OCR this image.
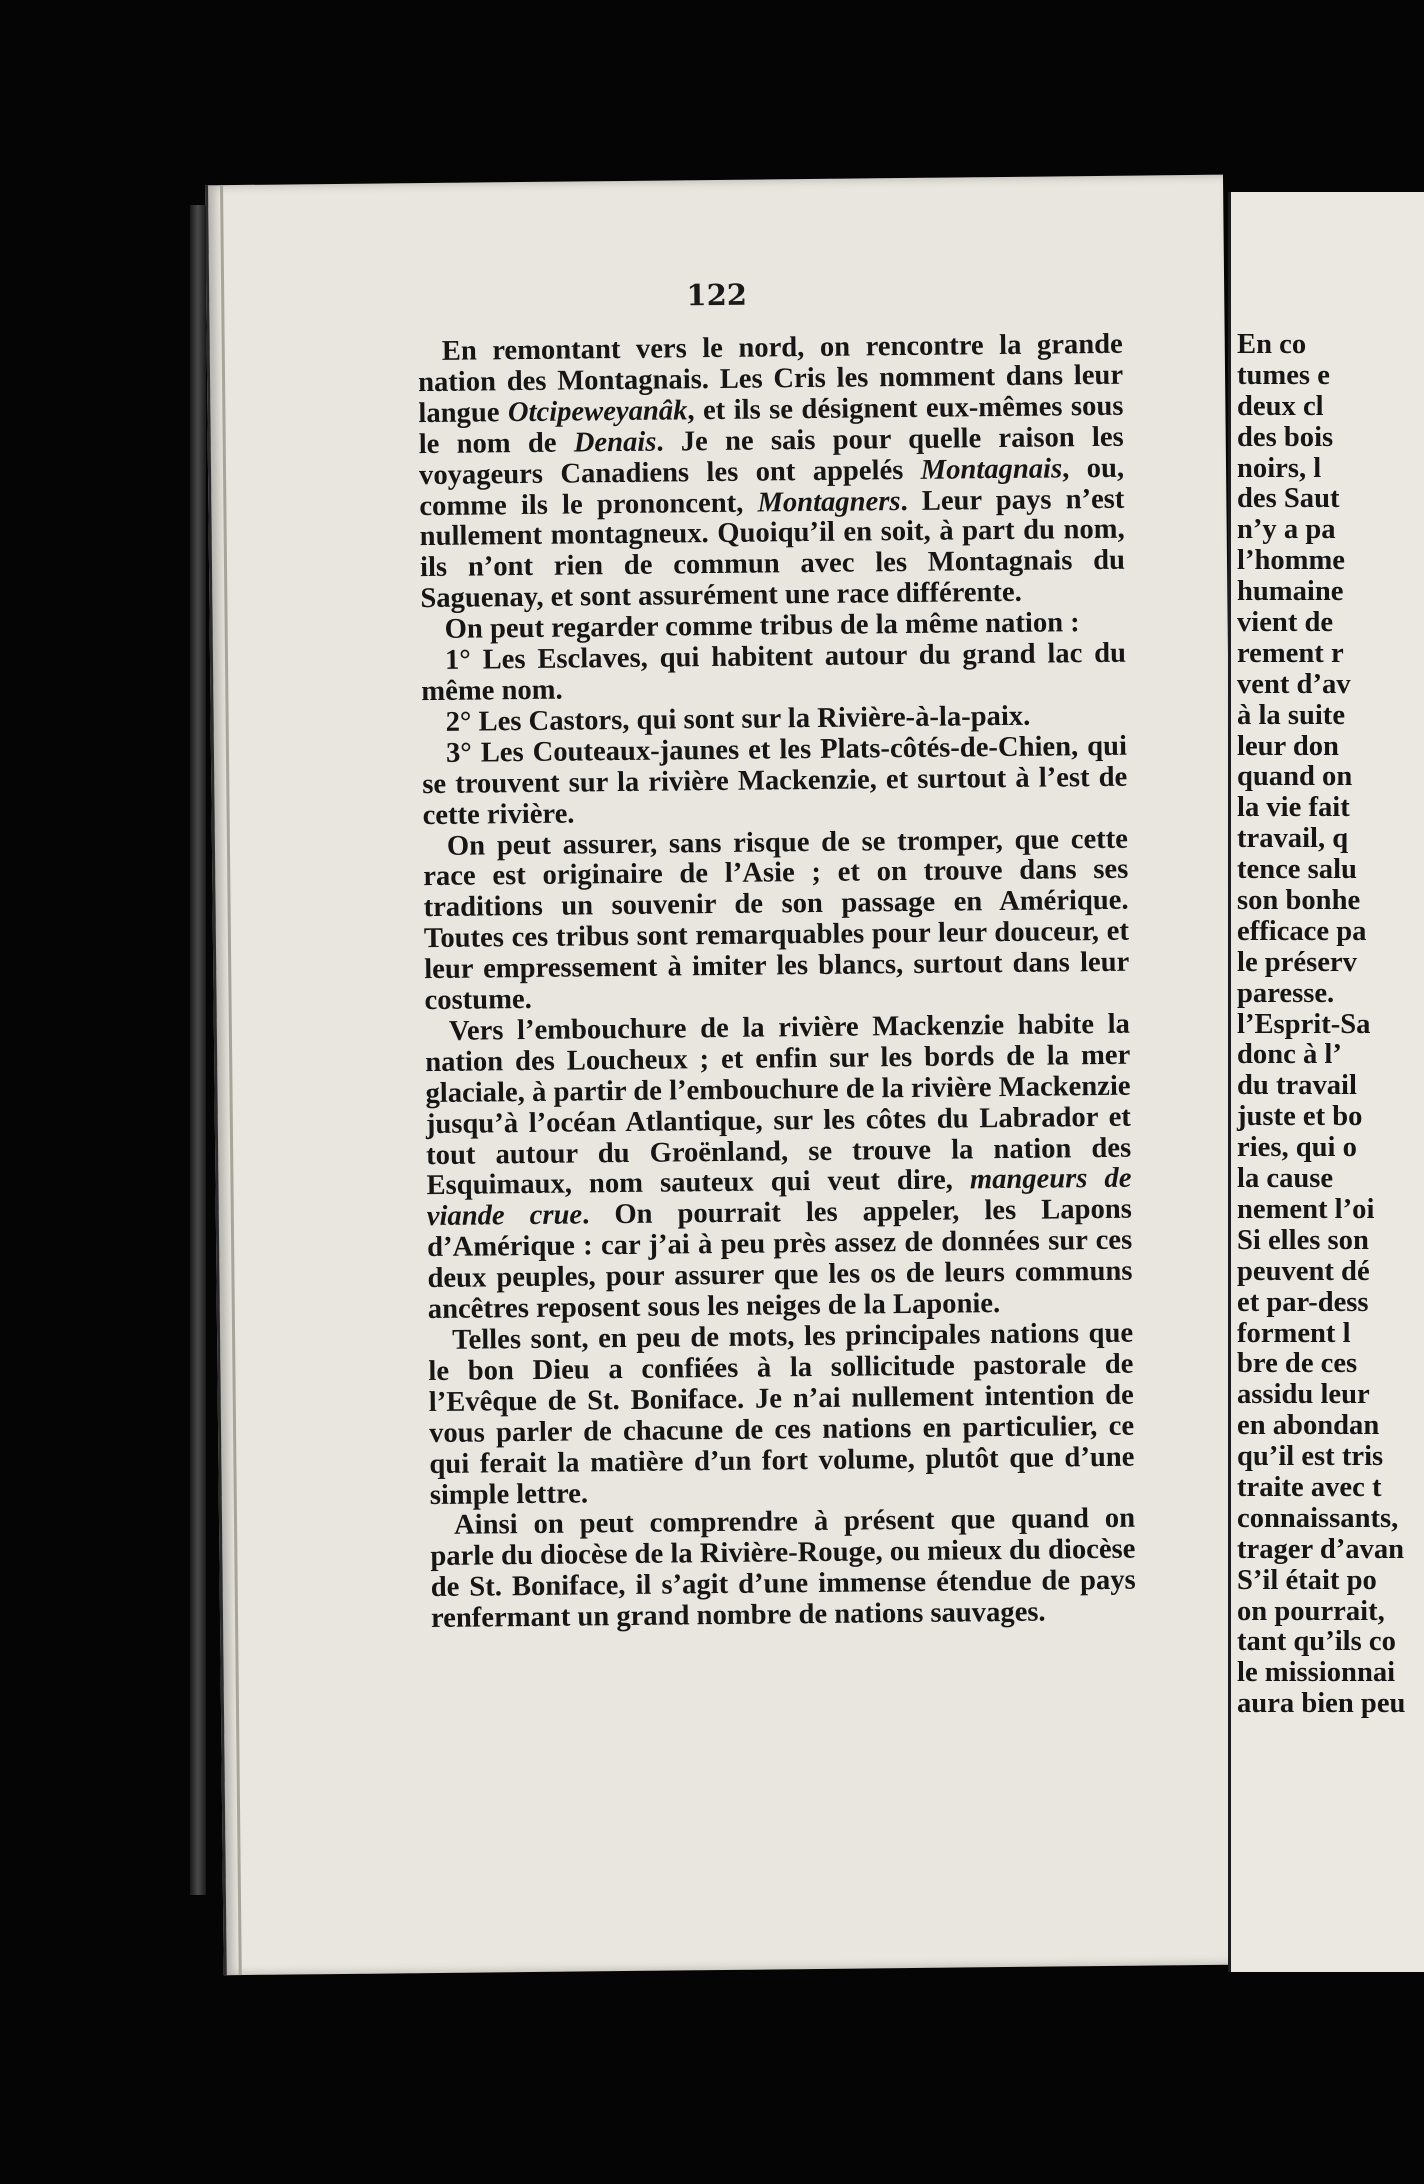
122

En remontant vers le nord, on rencontre la grande nation des Montagnais. Les Cris les nomment dans leur langue Otcipeweyanâk, et ils se désignent eux-mêmes sous le nom de Denais. Je ne sais pour quelle raison les voyageurs Canadiens les ont appelés Montagnais, ou, comme ils le prononcent, Montagners. Leur pays n’est nullement montagneux. Quoiqu’il en soit, à part du nom, ils n’ont rien de commun avec les Montagnais du Saguenay, et sont assurément une race différente.

On peut regarder comme tribus de la même nation :

1° Les Esclaves, qui habitent autour du grand lac du même nom.

2° Les Castors, qui sont sur la Rivière-à-la-paix.

3° Les Couteaux-jaunes et les Plats-côtés-de-Chien, qui se trouvent sur la rivière Mackenzie, et surtout à l’est de cette rivière.

On peut assurer, sans risque de se tromper, que cette race est originaire de l’Asie ; et on trouve dans ses traditions un souvenir de son passage en Amérique. Toutes ces tribus sont remarquables pour leur douceur, et leur empressement à imiter les blancs, surtout dans leur costume.

Vers l’embouchure de la rivière Mackenzie habite la nation des Loucheux ; et enfin sur les bords de la mer glaciale, à partir de l’embouchure de la rivière Mackenzie jusqu’à l’océan Atlantique, sur les côtes du Labrador et tout autour du Groënland, se trouve la nation des Esquimaux, nom sauteux qui veut dire, mangeurs de viande crue. On pourrait les appeler, les Lapons d’Amérique : car j’ai à peu près assez de données sur ces deux peuples, pour assurer que les os de leurs communs ancêtres reposent sous les neiges de la Laponie.

Telles sont, en peu de mots, les principales nations que le bon Dieu a confiées à la sollicitude pastorale de l’Evêque de St. Boniface. Je n’ai nullement intention de vous parler de chacune de ces nations en particulier, ce qui ferait la matière d’un fort volume, plutôt que d’une simple lettre.

Ainsi on peut comprendre à présent que quand on parle du diocèse de la Rivière-Rouge, ou mieux du diocèse de St. Boniface, il s’agit d’une immense étendue de pays renfermant un grand nombre de nations sauvages.

En co
tumes e
deux cl
des bois
noirs, l
des Saut
n’y a pa
l’homme
humaine
vient de
rement r
vent d’av
à la suite
leur don
quand on
la vie fait
travail, q
tence salu
son bonhe
efficace pa
le préserv
paresse.
l’Esprit-Sa
donc à l’
du travail
juste et bo
ries, qui o
la cause
nement l’oi
Si elles son
peuvent dé
et par-dess
forment l
bre de ces
assidu leur
en abondan
qu’il est tris
traite avec t
connaissants,
trager d’avan
S’il était po
on pourrait,
tant qu’ils co
le missionnai
aura bien peu
